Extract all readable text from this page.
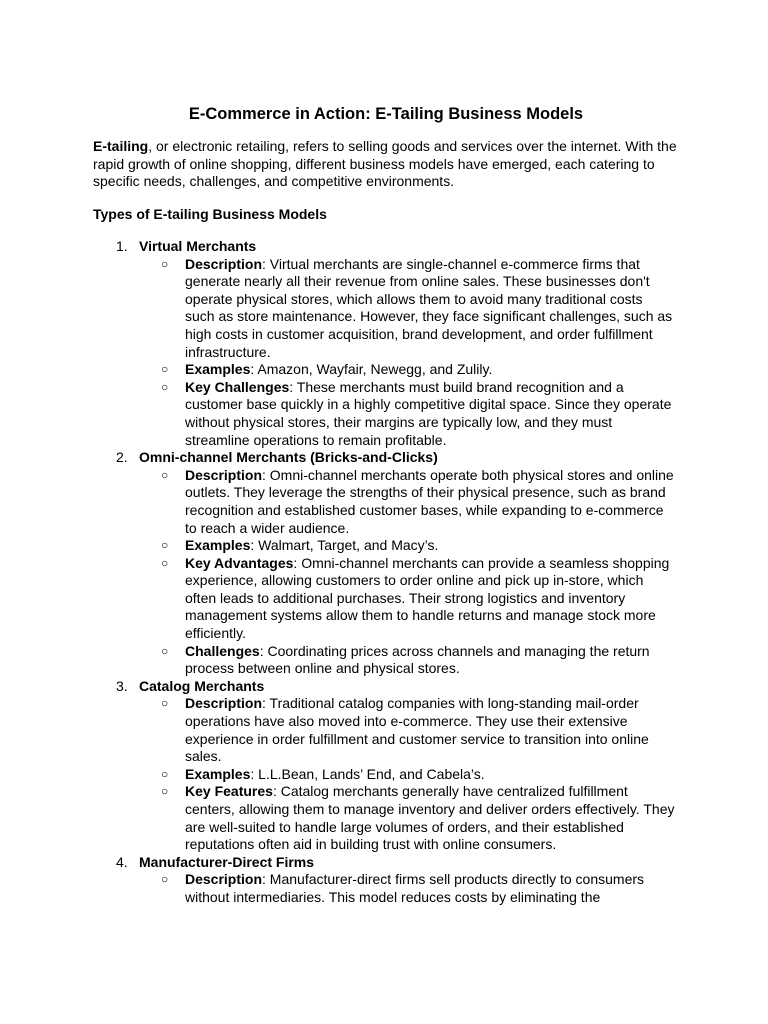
E-Commerce in Action: E-Tailing Business Models

E-tailing, or electronic retailing, refers to selling goods and services over the internet. With the rapid growth of online shopping, different business models have emerged, each catering to specific needs, challenges, and competitive environments.

Types of E-tailing Business Models
1. Virtual Merchants
○ Description: Virtual merchants are single-channel e-commerce firms that generate nearly all their revenue from online sales. These businesses don't operate physical stores, which allows them to avoid many traditional costs such as store maintenance. However, they face significant challenges, such as high costs in customer acquisition, brand development, and order fulfillment infrastructure.
○ Examples: Amazon, Wayfair, Newegg, and Zulily.
○ Key Challenges: These merchants must build brand recognition and a customer base quickly in a highly competitive digital space. Since they operate without physical stores, their margins are typically low, and they must streamline operations to remain profitable.
2. Omni-channel Merchants (Bricks-and-Clicks)
○ Description: Omni-channel merchants operate both physical stores and online outlets. They leverage the strengths of their physical presence, such as brand recognition and established customer bases, while expanding to e-commerce to reach a wider audience.
○ Examples: Walmart, Target, and Macy’s.
○ Key Advantages: Omni-channel merchants can provide a seamless shopping experience, allowing customers to order online and pick up in-store, which often leads to additional purchases. Their strong logistics and inventory management systems allow them to handle returns and manage stock more efficiently.
○ Challenges: Coordinating prices across channels and managing the return process between online and physical stores.
3. Catalog Merchants
○ Description: Traditional catalog companies with long-standing mail-order operations have also moved into e-commerce. They use their extensive experience in order fulfillment and customer service to transition into online sales.
○ Examples: L.L.Bean, Lands’ End, and Cabela’s.
○ Key Features: Catalog merchants generally have centralized fulfillment centers, allowing them to manage inventory and deliver orders effectively. They are well-suited to handle large volumes of orders, and their established reputations often aid in building trust with online consumers.
4. Manufacturer-Direct Firms
○ Description: Manufacturer-direct firms sell products directly to consumers without intermediaries. This model reduces costs by eliminating the
